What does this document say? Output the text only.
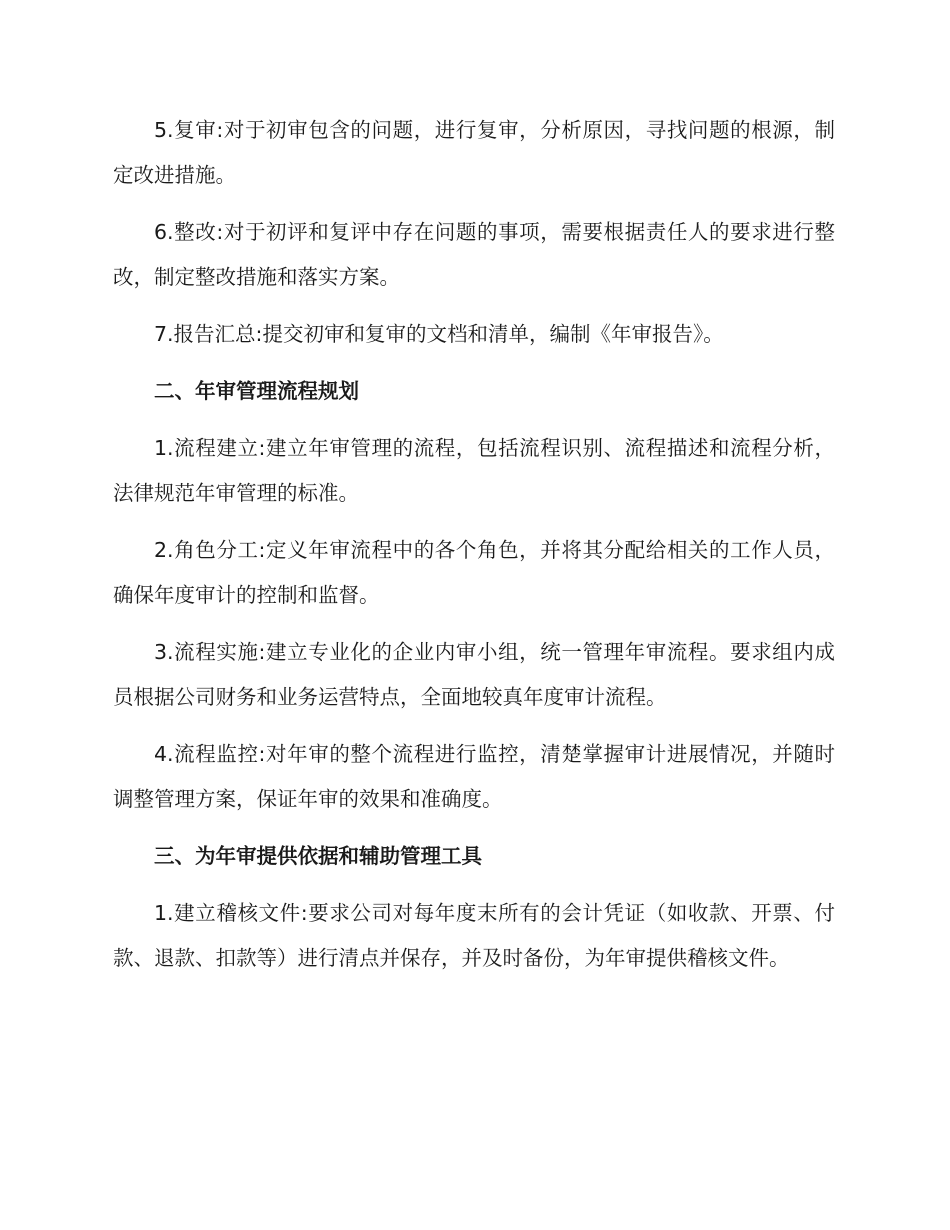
5.复审:对于初审包含的问题，进行复审，分析原因，寻找问题的根源，制定改进措施。

6.整改:对于初评和复评中存在问题的事项，需要根据责任人的要求进行整改，制定整改措施和落实方案。

7.报告汇总:提交初审和复审的文档和清单，编制《年审报告》。

二、年审管理流程规划

1.流程建立:建立年审管理的流程，包括流程识别、流程描述和流程分析，法律规范年审管理的标准。

2.角色分工:定义年审流程中的各个角色，并将其分配给相关的工作人员，确保年度审计的控制和监督。

3.流程实施:建立专业化的企业内审小组，统一管理年审流程。要求组内成员根据公司财务和业务运营特点，全面地较真年度审计流程。

4.流程监控:对年审的整个流程进行监控，清楚掌握审计进展情况，并随时调整管理方案，保证年审的效果和准确度。

三、为年审提供依据和辅助管理工具

1.建立稽核文件:要求公司对每年度末所有的会计凭证（如收款、开票、付款、退款、扣款等）进行清点并保存，并及时备份，为年审提供稽核文件。
